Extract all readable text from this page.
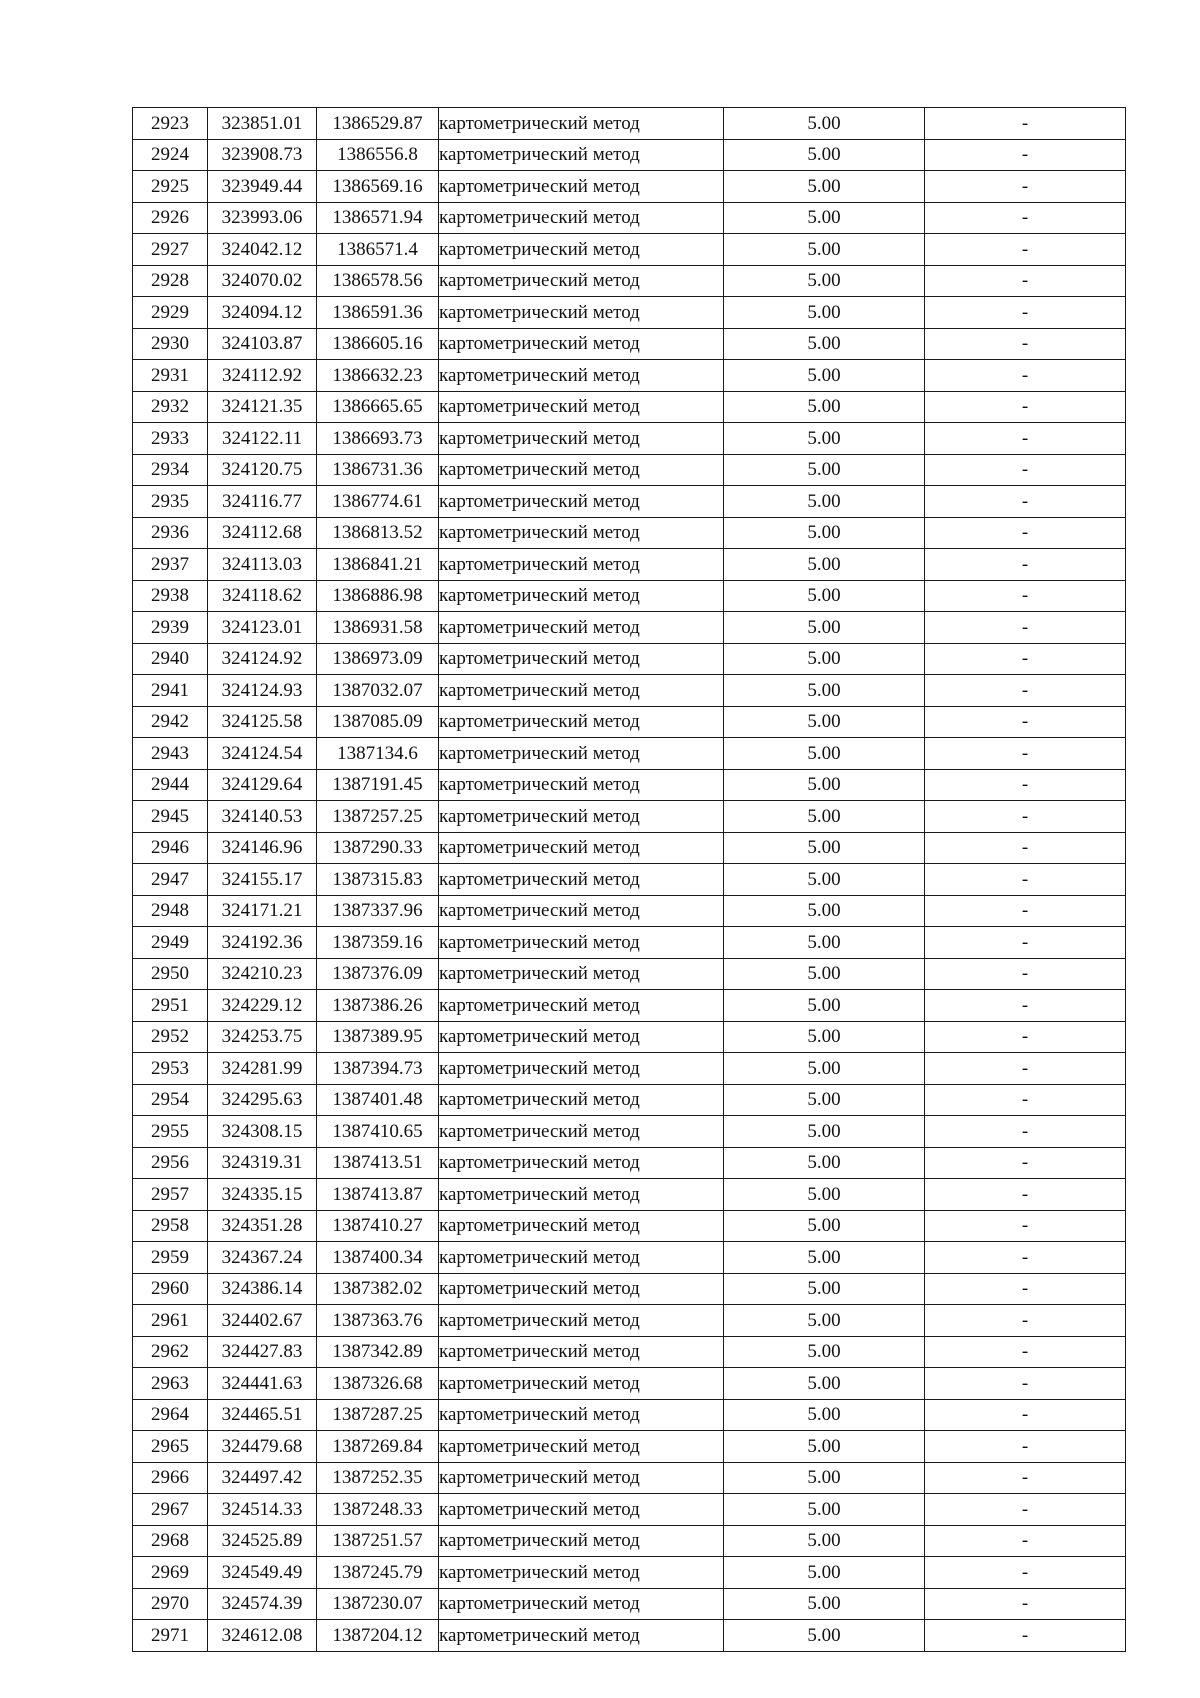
2923	323851.01	1386529.87	картометрический метод	5.00	-
2924	323908.73	1386556.8	картометрический метод	5.00	-
2925	323949.44	1386569.16	картометрический метод	5.00	-
2926	323993.06	1386571.94	картометрический метод	5.00	-
2927	324042.12	1386571.4	картометрический метод	5.00	-
2928	324070.02	1386578.56	картометрический метод	5.00	-
2929	324094.12	1386591.36	картометрический метод	5.00	-
2930	324103.87	1386605.16	картометрический метод	5.00	-
2931	324112.92	1386632.23	картометрический метод	5.00	-
2932	324121.35	1386665.65	картометрический метод	5.00	-
2933	324122.11	1386693.73	картометрический метод	5.00	-
2934	324120.75	1386731.36	картометрический метод	5.00	-
2935	324116.77	1386774.61	картометрический метод	5.00	-
2936	324112.68	1386813.52	картометрический метод	5.00	-
2937	324113.03	1386841.21	картометрический метод	5.00	-
2938	324118.62	1386886.98	картометрический метод	5.00	-
2939	324123.01	1386931.58	картометрический метод	5.00	-
2940	324124.92	1386973.09	картометрический метод	5.00	-
2941	324124.93	1387032.07	картометрический метод	5.00	-
2942	324125.58	1387085.09	картометрический метод	5.00	-
2943	324124.54	1387134.6	картометрический метод	5.00	-
2944	324129.64	1387191.45	картометрический метод	5.00	-
2945	324140.53	1387257.25	картометрический метод	5.00	-
2946	324146.96	1387290.33	картометрический метод	5.00	-
2947	324155.17	1387315.83	картометрический метод	5.00	-
2948	324171.21	1387337.96	картометрический метод	5.00	-
2949	324192.36	1387359.16	картометрический метод	5.00	-
2950	324210.23	1387376.09	картометрический метод	5.00	-
2951	324229.12	1387386.26	картометрический метод	5.00	-
2952	324253.75	1387389.95	картометрический метод	5.00	-
2953	324281.99	1387394.73	картометрический метод	5.00	-
2954	324295.63	1387401.48	картометрический метод	5.00	-
2955	324308.15	1387410.65	картометрический метод	5.00	-
2956	324319.31	1387413.51	картометрический метод	5.00	-
2957	324335.15	1387413.87	картометрический метод	5.00	-
2958	324351.28	1387410.27	картометрический метод	5.00	-
2959	324367.24	1387400.34	картометрический метод	5.00	-
2960	324386.14	1387382.02	картометрический метод	5.00	-
2961	324402.67	1387363.76	картометрический метод	5.00	-
2962	324427.83	1387342.89	картометрический метод	5.00	-
2963	324441.63	1387326.68	картометрический метод	5.00	-
2964	324465.51	1387287.25	картометрический метод	5.00	-
2965	324479.68	1387269.84	картометрический метод	5.00	-
2966	324497.42	1387252.35	картометрический метод	5.00	-
2967	324514.33	1387248.33	картометрический метод	5.00	-
2968	324525.89	1387251.57	картометрический метод	5.00	-
2969	324549.49	1387245.79	картометрический метод	5.00	-
2970	324574.39	1387230.07	картометрический метод	5.00	-
2971	324612.08	1387204.12	картометрический метод	5.00	-
